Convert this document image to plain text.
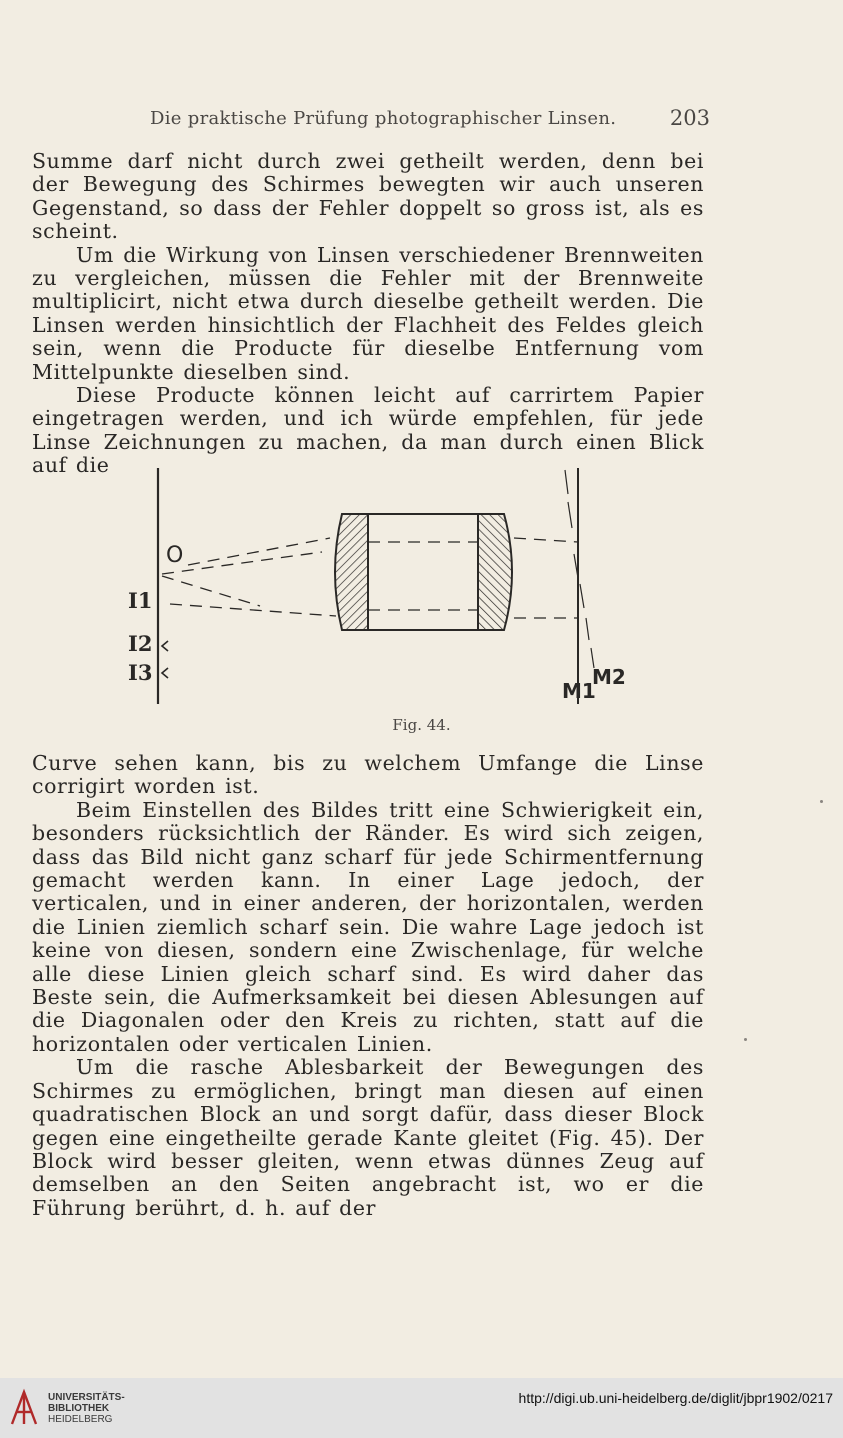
Die praktische Prüfung photographischer Linsen.	203

Summe darf nicht durch zwei getheilt werden, denn bei der Bewegung des Schirmes bewegten wir auch unseren Gegenstand, so dass der Fehler doppelt so gross ist, als es scheint.

Um die Wirkung von Linsen verschiedener Brennweiten zu vergleichen, müssen die Fehler mit der Brennweite multiplicirt, nicht etwa durch dieselbe getheilt werden. Die Linsen werden hinsichtlich der Flachheit des Feldes gleich sein, wenn die Producte für dieselbe Entfernung vom Mittelpunkte dieselben sind.

Diese Producte können leicht auf carrirtem Papier eingetragen werden, und ich würde empfehlen, für jede Linse Zeichnungen zu machen, da man durch einen Blick auf die

O
I1
I2
I3
M1
M2
Fig. 44.

Curve sehen kann, bis zu welchem Umfange die Linse corrigirt worden ist.

Beim Einstellen des Bildes tritt eine Schwierigkeit ein, besonders rücksichtlich der Ränder. Es wird sich zeigen, dass das Bild nicht ganz scharf für jede Schirmentfernung gemacht werden kann. In einer Lage jedoch, der verticalen, und in einer anderen, der horizontalen, werden die Linien ziemlich scharf sein. Die wahre Lage jedoch ist keine von diesen, sondern eine Zwischenlage, für welche alle diese Linien gleich scharf sind. Es wird daher das Beste sein, die Aufmerksamkeit bei diesen Ablesungen auf die Diagonalen oder den Kreis zu richten, statt auf die horizontalen oder verticalen Linien.

Um die rasche Ablesbarkeit der Bewegungen des Schirmes zu ermöglichen, bringt man diesen auf einen quadratischen Block an und sorgt dafür, dass dieser Block gegen eine eingetheilte gerade Kante gleitet (Fig. 45). Der Block wird besser gleiten, wenn etwas dünnes Zeug auf demselben an den Seiten angebracht ist, wo er die Führung berührt, d. h. auf der

UNIVERSITÄTS-
BIBLIOTHEK
HEIDELBERG
http://digi.ub.uni-heidelberg.de/diglit/jbpr1902/0217
